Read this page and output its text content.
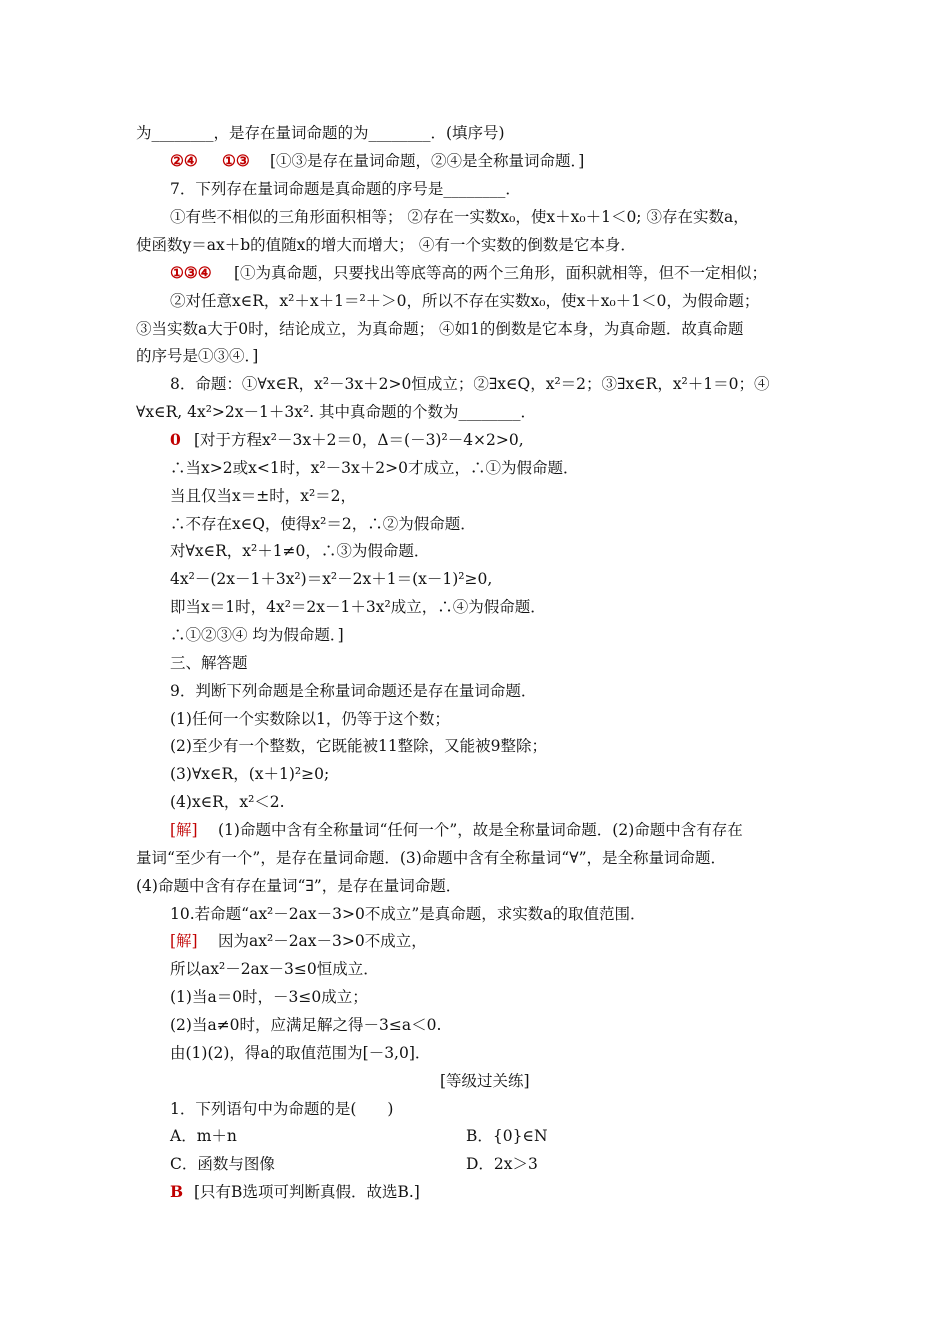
为________，是存在量词命题的为________．(填序号)
②④ ①③ [①③是存在量词命题，②④是全称量词命题．]
7．下列存在量词命题是真命题的序号是________．
①有些不相似的三角形面积相等； ②存在一实数x₀，使x＋x₀＋1＜0; ③存在实数a，
使函数y＝ax＋b的值随x的增大而增大； ④有一个实数的倒数是它本身．
①③④ [①为真命题，只要找出等底等高的两个三角形，面积就相等，但不一定相似；
②对任意x∈R，x²＋x＋1＝²＋＞0，所以不存在实数x₀，使x＋x₀＋1＜0，为假命题；
③当实数a大于0时，结论成立，为真命题； ④如1的倒数是它本身，为真命题．故真命题
的序号是①③④．]
8．命题：①∀x∈R，x²－3x＋2>0恒成立；②∃x∈Q，x²＝2；③∃x∈R，x²＋1＝0；④
∀x∈R, 4x²>2x－1＋3x². 其中真命题的个数为________．
0 [对于方程x²－3x＋2＝0，Δ＝(－3)²－4×2>0,
∴当x>2或x<1时，x²－3x＋2>0才成立，∴①为假命题．
当且仅当x＝±时，x²＝2，
∴不存在x∈Q，使得x²＝2，∴②为假命题．
对∀x∈R，x²＋1≠0，∴③为假命题．
4x²－(2x－1＋3x²)＝x²－2x＋1＝(x－1)²≥0,
即当x＝1时，4x²＝2x－1＋3x²成立，∴④为假命题．
∴①②③④ 均为假命题．]
三、解答题
9．判断下列命题是全称量词命题还是存在量词命题．
(1)任何一个实数除以1，仍等于这个数；
(2)至少有一个整数，它既能被11整除，又能被9整除；
(3)∀x∈R，(x＋1)²≥0;
(4)x∈R，x²＜2.
[解] (1)命题中含有全称量词“任何一个”，故是全称量词命题．(2)命题中含有存在
量词“至少有一个”，是存在量词命题．(3)命题中含有全称量词“∀”，是全称量词命题．
(4)命题中含有存在量词“∃”，是存在量词命题．
10.若命题“ax²－2ax－3>0不成立”是真命题，求实数a的取值范围．
[解] 因为ax²－2ax－3>0不成立，
所以ax²－2ax－3≤0恒成立．
(1)当a＝0时，－3≤0成立；
(2)当a≠0时，应满足解之得－3≤a＜0.
由(1)(2)，得a的取值范围为[－3,0]．
[等级过关练]
1．下列语句中为命题的是(　　)
A．m＋n	B．{0}∈N
C．函数与图像	D．2x＞3
B [只有B选项可判断真假．故选B.]
